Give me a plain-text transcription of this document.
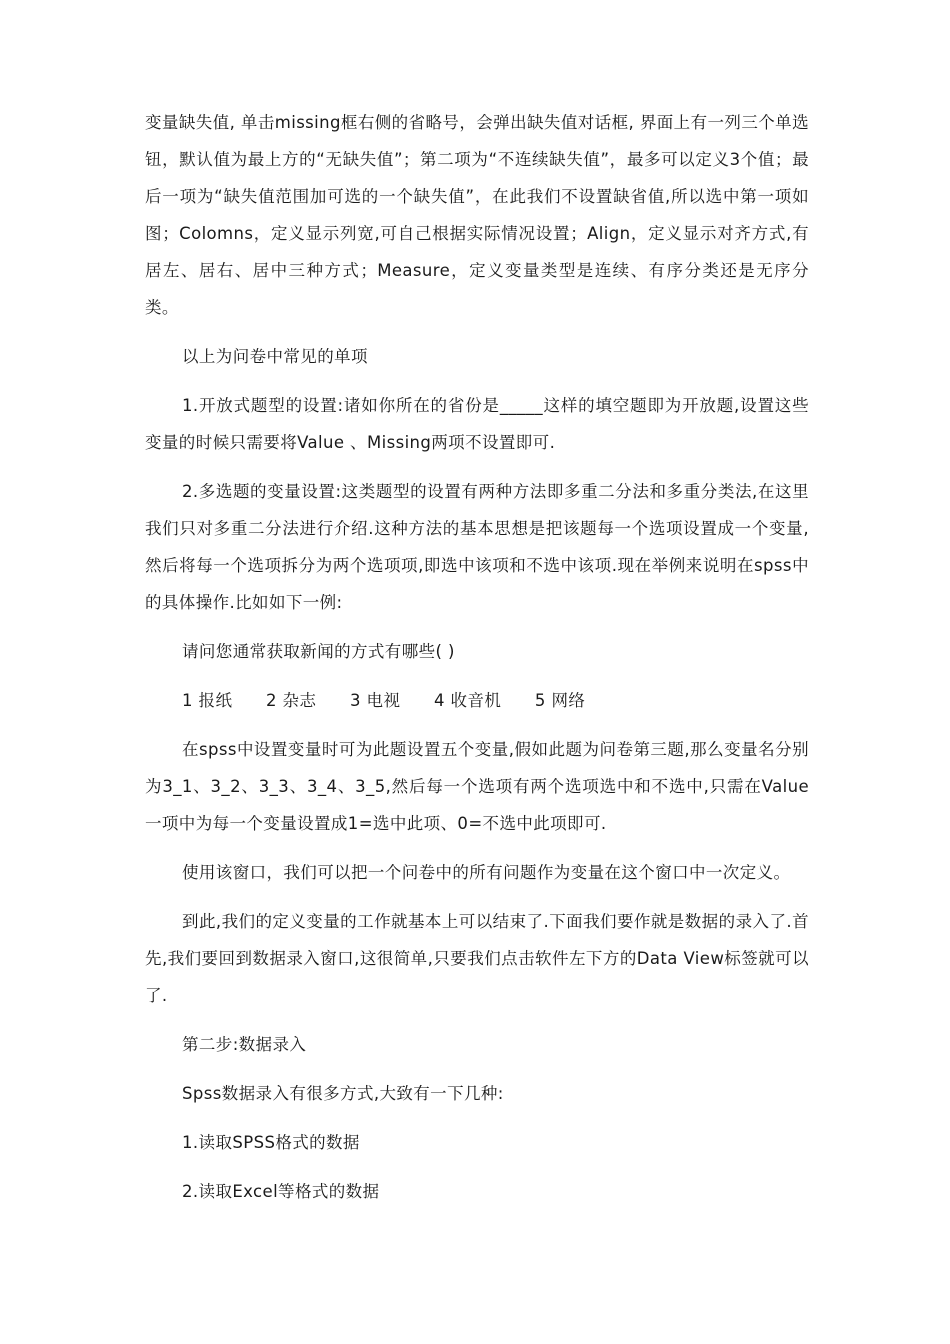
变量缺失值, 单击missing框右侧的省略号，会弹出缺失值对话框, 界面上有一列三个单选钮，默认值为最上方的“无缺失值”；第二项为“不连续缺失值”，最多可以定义3个值；最后一项为“缺失值范围加可选的一个缺失值”，在此我们不设置缺省值,所以选中第一项如图；Colomns，定义显示列宽,可自己根据实际情况设置；Align，定义显示对齐方式,有居左、居右、居中三种方式；Measure，定义变量类型是连续、有序分类还是无序分类。

以上为问卷中常见的单项

1.开放式题型的设置:诸如你所在的省份是_____这样的填空题即为开放题,设置这些变量的时候只需要将Value 、Missing两项不设置即可.

2.多选题的变量设置:这类题型的设置有两种方法即多重二分法和多重分类法,在这里我们只对多重二分法进行介绍.这种方法的基本思想是把该题每一个选项设置成一个变量,然后将每一个选项拆分为两个选项项,即选中该项和不选中该项.现在举例来说明在spss中的具体操作.比如如下一例:

请问您通常获取新闻的方式有哪些( )

1 报纸 2 杂志 3 电视 4 收音机 5 网络

在spss中设置变量时可为此题设置五个变量,假如此题为问卷第三题,那么变量名分别为3_1、3_2、3_3、3_4、3_5,然后每一个选项有两个选项选中和不选中,只需在Value一项中为每一个变量设置成1=选中此项、0=不选中此项即可.

使用该窗口，我们可以把一个问卷中的所有问题作为变量在这个窗口中一次定义。

到此,我们的定义变量的工作就基本上可以结束了.下面我们要作就是数据的录入了.首先,我们要回到数据录入窗口,这很简单,只要我们点击软件左下方的Data View标签就可以了.

第二步:数据录入

Spss数据录入有很多方式,大致有一下几种:

1.读取SPSS格式的数据

2.读取Excel等格式的数据
